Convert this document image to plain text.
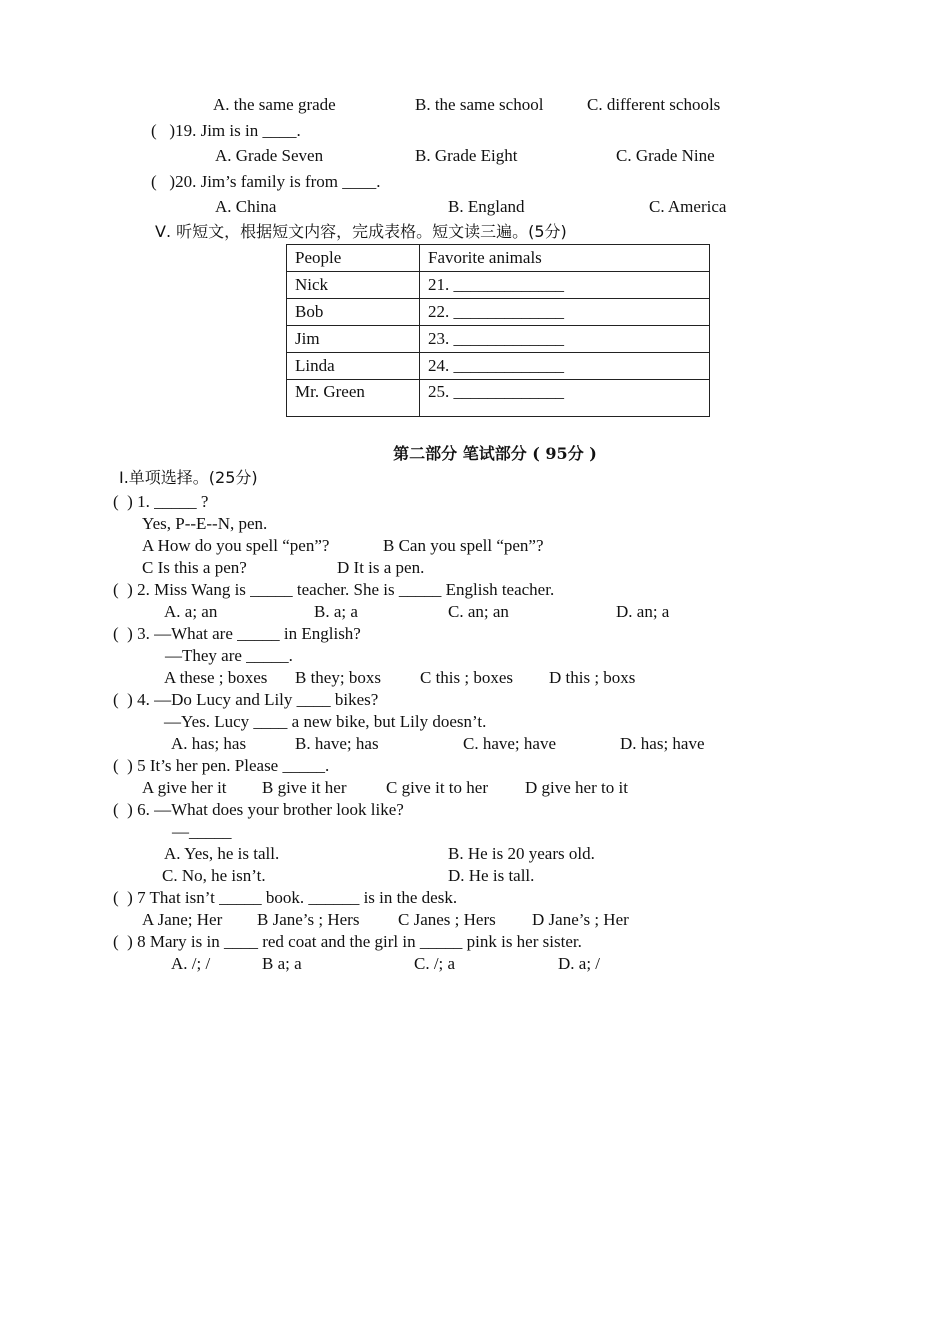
A. the same grade	B. the same school	C. different schools
(   )19. Jim is in ____.
A. Grade Seven	B. Grade Eight	C. Grade Nine
(   )20. Jim’s family is from ____.
A. China	B. England	C. America
Ⅴ. 听短文，根据短文内容，完成表格。短文读三遍。(5分)
People	Favorite animals
Nick	21. _____________
Bob	22. _____________
Jim	23. _____________
Linda	24. _____________
Mr. Green	25. _____________
第二部分 笔试部分 ( 95分 )
Ⅰ.单项选择。(25分)
(  ) 1. _____ ?
Yes, P--E--N, pen.
A How do you spell “pen”?	B Can you spell “pen”?
C Is this a pen?	D It is a pen.
(  ) 2. Miss Wang is _____ teacher. She is _____ English teacher.
A. a; an	B. a; a	C. an; an	D. an; a
(  ) 3. —What are _____ in English?
—They are _____.
A these ; boxes B they; boxs C this ; boxes D this ; boxs
(  ) 4. —Do Lucy and Lily ____ bikes?
—Yes. Lucy ____ a new bike, but Lily doesn’t.
A. has; has	B. have; has	C. have; have	D. has; have
(  ) 5 It’s her pen. Please _____.
A give her it B give it her C give it to her D give her to it
(  ) 6. —What does your brother look like?
—_____
A. Yes, he is tall.	B. He is 20 years old.
C. No, he isn’t.	D. He is tall.
(  ) 7 That isn’t _____ book. ______ is in the desk.
A Jane; Her B Jane’s ; Hers C Janes ; Hers D Jane’s ; Her
(  ) 8 Mary is in ____ red coat and the girl in _____ pink is her sister.
A. /; /	B a; a	C. /; a	D. a; /
